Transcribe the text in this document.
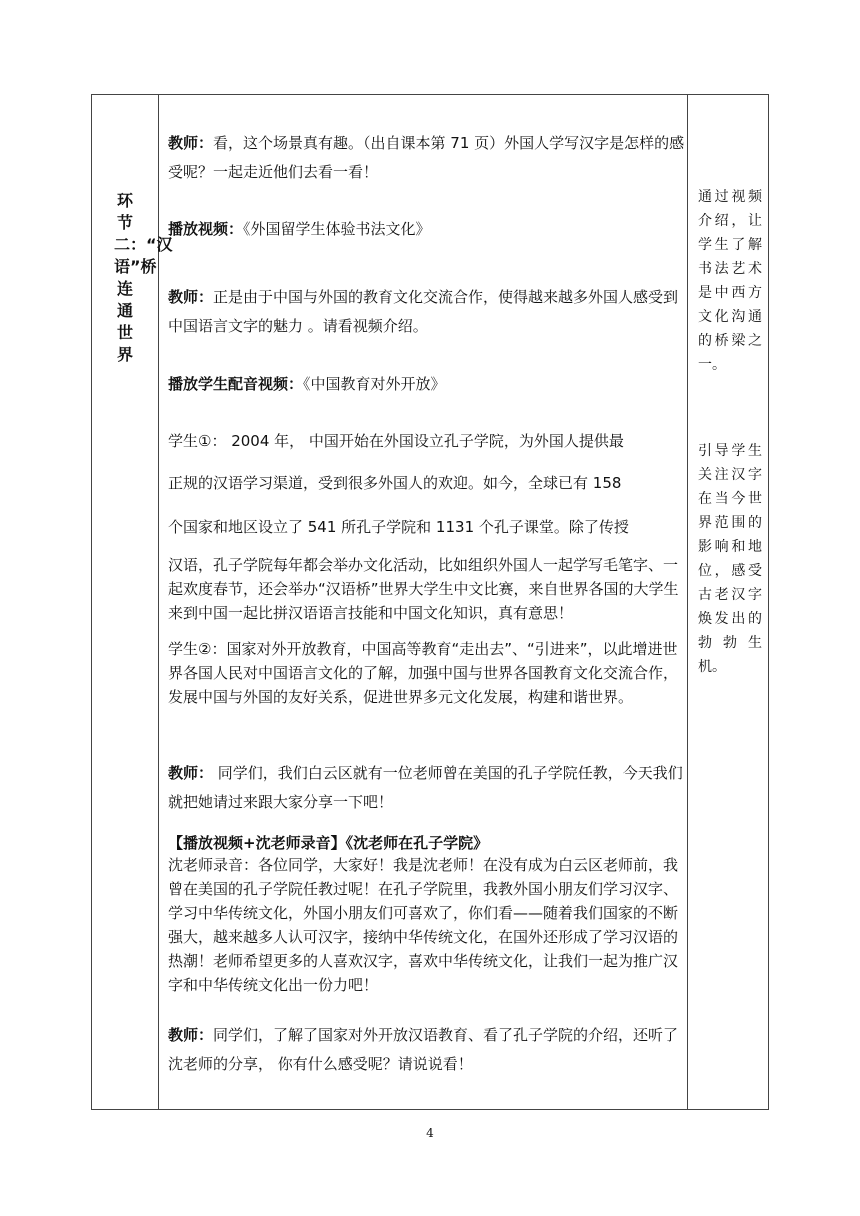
环节二：“汉语”桥连通世界
教师：看，这个场景真有趣。（出自课本第 71 页）外国人学写汉字是怎样的感受呢？一起走近他们去看一看！
播放视频：《外国留学生体验书法文化》
教师：正是由于中国与外国的教育文化交流合作，使得越来越多外国人感受到中国语言文字的魅力 。请看视频介绍。
播放学生配音视频：《中国教育对外开放》
学生①： 2004 年， 中国开始在外国设立孔子学院，为外国人提供最
正规的汉语学习渠道，受到很多外国人的欢迎。如今，全球已有 158
个国家和地区设立了 541 所孔子学院和 1131 个孔子课堂。除了传授
汉语，孔子学院每年都会举办文化活动，比如组织外国人一起学写毛笔字、一起欢度春节，还会举办“汉语桥”世界大学生中文比赛，来自世界各国的大学生来到中国一起比拼汉语语言技能和中国文化知识，真有意思！
学生②：国家对外开放教育，中国高等教育“走出去”、“引进来”，以此增进世界各国人民对中国语言文化的了解，加强中国与世界各国教育文化交流合作，发展中国与外国的友好关系，促进世界多元文化发展，构建和谐世界。
教师： 同学们，我们白云区就有一位老师曾在美国的孔子学院任教，今天我们就把她请过来跟大家分享一下吧！
【播放视频+沈老师录音】《沈老师在孔子学院》
沈老师录音：各位同学，大家好！我是沈老师！在没有成为白云区老师前，我曾在美国的孔子学院任教过呢！在孔子学院里，我教外国小朋友们学习汉字、学习中华传统文化，外国小朋友们可喜欢了，你们看——随着我们国家的不断强大，越来越多人认可汉字，接纳中华传统文化，在国外还形成了学习汉语的热潮！老师希望更多的人喜欢汉字，喜欢中华传统文化，让我们一起为推广汉字和中华传统文化出一份力吧！
教师：同学们，了解了国家对外开放汉语教育、看了孔子学院的介绍，还听了沈老师的分享， 你有什么感受呢？请说说看！
通过视频介绍，让学生了解书法艺术是中西方文化沟通的桥梁之一。
引导学生关注汉字在当今世界范围的影响和地位，感受古老汉字焕发出的勃勃生机。
4
